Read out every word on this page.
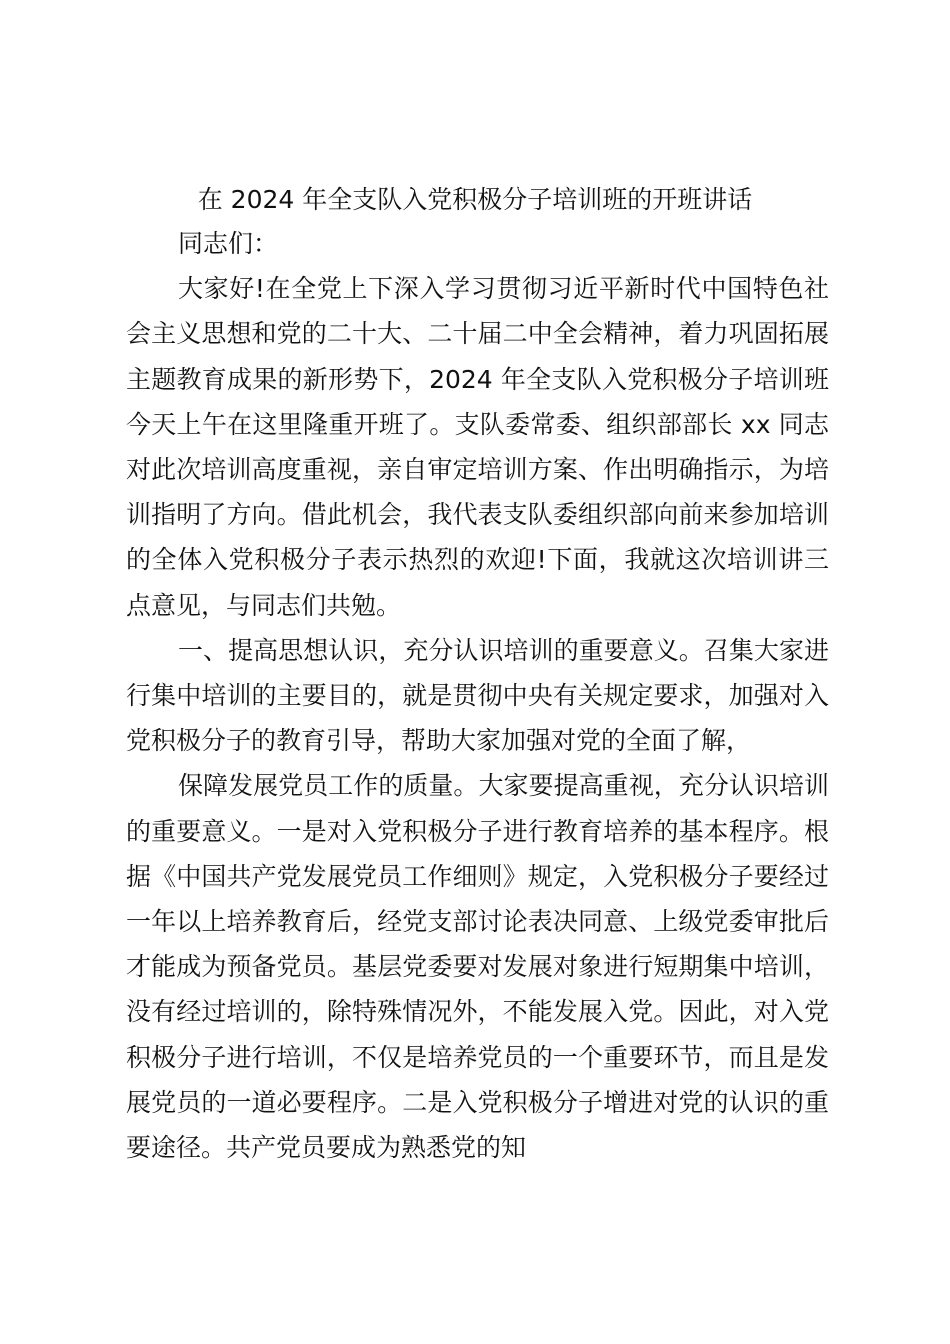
在 2024 年全支队入党积极分子培训班的开班讲话

同志们：

大家好!在全党上下深入学习贯彻习近平新时代中国特色社会主义思想和党的二十大、二十届二中全会精神，着力巩固拓展主题教育成果的新形势下，2024 年全支队入党积极分子培训班今天上午在这里隆重开班了。支队委常委、组织部部长 xx 同志对此次培训高度重视，亲自审定培训方案、作出明确指示，为培训指明了方向。借此机会，我代表支队委组织部向前来参加培训的全体入党积极分子表示热烈的欢迎!下面，我就这次培训讲三点意见，与同志们共勉。

一、提高思想认识，充分认识培训的重要意义。召集大家进行集中培训的主要目的，就是贯彻中央有关规定要求，加强对入党积极分子的教育引导，帮助大家加强对党的全面了解，

保障发展党员工作的质量。大家要提高重视，充分认识培训的重要意义。一是对入党积极分子进行教育培养的基本程序。根据《中国共产党发展党员工作细则》规定，入党积极分子要经过一年以上培养教育后，经党支部讨论表决同意、上级党委审批后才能成为预备党员。基层党委要对发展对象进行短期集中培训，没有经过培训的，除特殊情况外，不能发展入党。因此，对入党积极分子进行培训，不仅是培养党员的一个重要环节，而且是发展党员的一道必要程序。二是入党积极分子增进对党的认识的重要途径。共产党员要成为熟悉党的知
